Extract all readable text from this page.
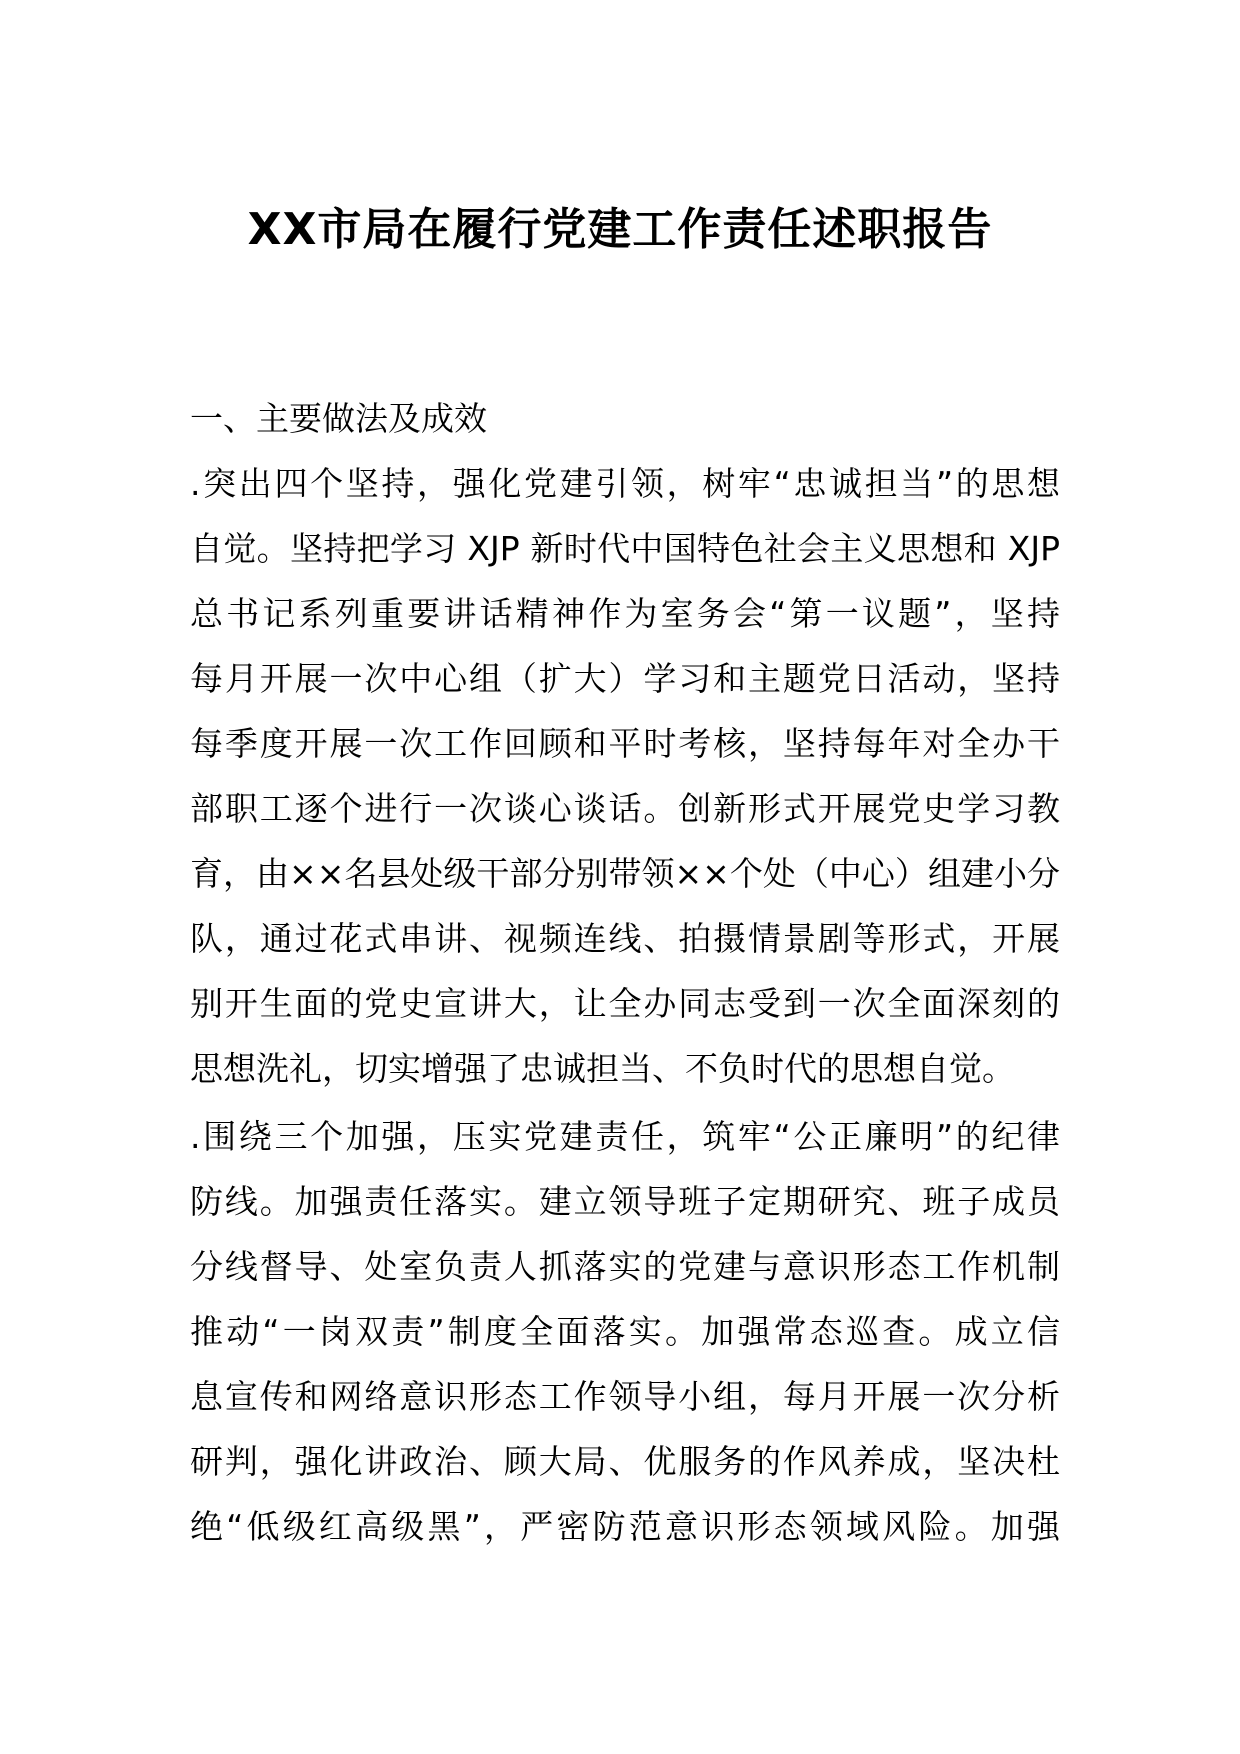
XX市局在履行党建工作责任述职报告
一、主要做法及成效
.突出四个坚持，强化党建引领，树牢“忠诚担当”的思想
自觉。坚持把学习 XJP 新时代中国特色社会主义思想和 XJP
总书记系列重要讲话精神作为室务会“第一议题”，坚持
每月开展一次中心组（扩大）学习和主题党日活动，坚持
每季度开展一次工作回顾和平时考核，坚持每年对全办干
部职工逐个进行一次谈心谈话。创新形式开展党史学习教
育，由××名县处级干部分别带领××个处（中心）组建小分
队，通过花式串讲、视频连线、拍摄情景剧等形式，开展
别开生面的党史宣讲大，让全办同志受到一次全面深刻的
思想洗礼，切实增强了忠诚担当、不负时代的思想自觉。
.围绕三个加强，压实党建责任，筑牢“公正廉明”的纪律
防线。加强责任落实。建立领导班子定期研究、班子成员
分线督导、处室负责人抓落实的党建与意识形态工作机制
推动“一岗双责”制度全面落实。加强常态巡查。成立信
息宣传和网络意识形态工作领导小组，每月开展一次分析
研判，强化讲政治、顾大局、优服务的作风养成，坚决杜
绝“低级红高级黑”，严密防范意识形态领域风险。加强
